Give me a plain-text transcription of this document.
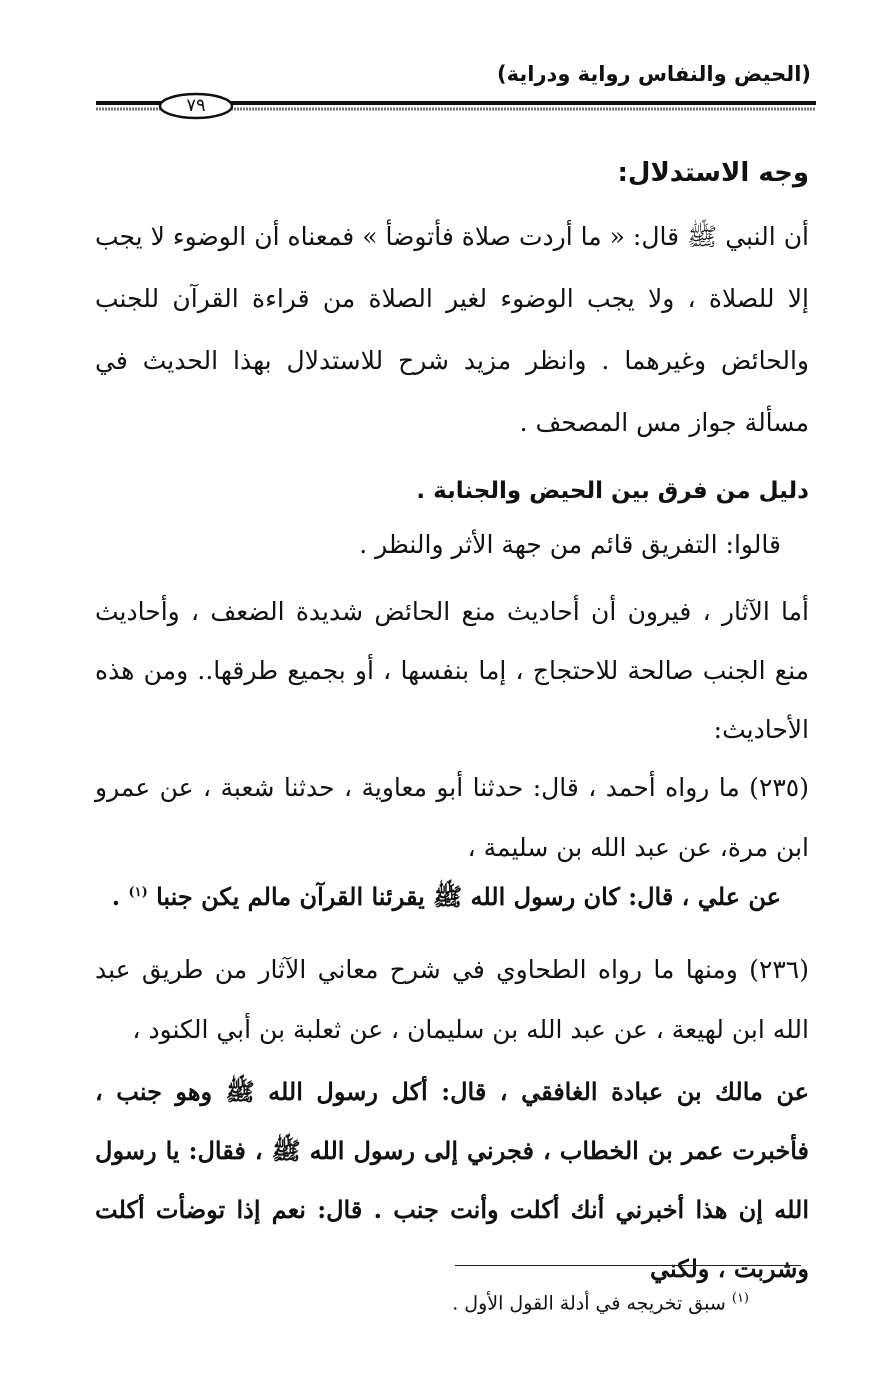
(الحيض والنفاس رواية ودراية)
٧٩
وجه الاستدلال:
أن النبي ﷺ قال: « ما أردت صلاة فأتوضأ » فمعناه أن الوضوء لا يجب إلا للصلاة ، ولا يجب الوضوء لغير الصلاة من قراءة القرآن للجنب والحائض وغيرهما . وانظر مزيد شرح للاستدلال بهذا الحديث في مسألة جواز مس المصحف .
دليل من فرق بين الحيض والجنابة .
قالوا: التفريق قائم من جهة الأثر والنظر .
أما الآثار ، فيرون أن أحاديث منع الحائض شديدة الضعف ، وأحاديث منع الجنب صالحة للاحتجاج ، إما بنفسها ، أو بجميع طرقها.. ومن هذه الأحاديث:
(٢٣٥) ما رواه أحمد ، قال: حدثنا أبو معاوية ، حدثنا شعبة ، عن عمرو ابن مرة، عن عبد الله بن سليمة ،
عن علي ، قال: كان رسول الله ﷺ يقرئنا القرآن مالم يكن جنبا $^{(١)}$ .
(٢٣٦) ومنها ما رواه الطحاوي في شرح معاني الآثار من طريق عبد الله ابن لهيعة ، عن عبد الله بن سليمان ، عن ثعلبة بن أبي الكنود ،
عن مالك بن عبادة الغافقي ، قال: أكل رسول الله ﷺ وهو جنب ، فأخبرت عمر بن الخطاب ، فجرني إلى رسول الله ﷺ ، فقال: يا رسول الله إن هذا أخبرني أنك أكلت وأنت جنب . قال: نعم إذا توضأت أكلت وشربت ، ولكني
$^{(١)}$ سبق تخريجه في أدلة القول الأول .
